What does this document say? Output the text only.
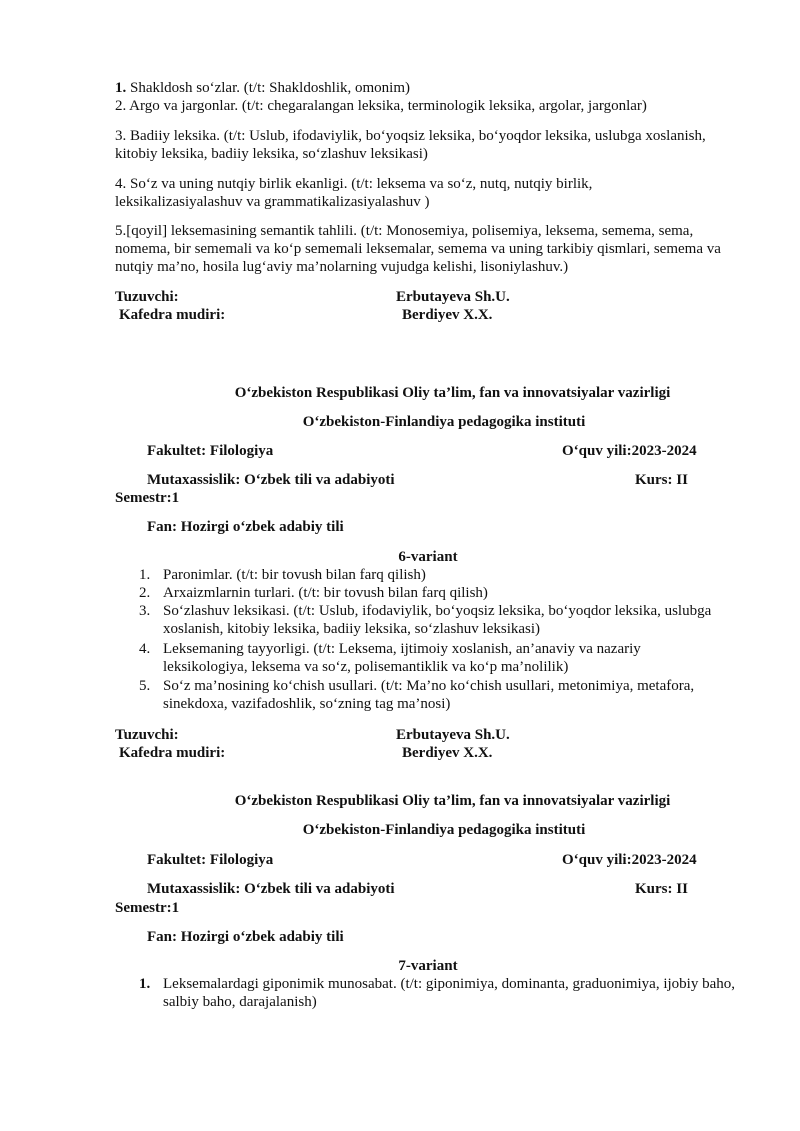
1. Shakldosh so‘zlar. (t/t: Shakldoshlik, omonim)
2. Argo va jargonlar. (t/t: chegaralangan leksika, terminologik leksika, argolar, jargonlar)
3. Badiiy leksika. (t/t: Uslub, ifodaviylik, bo‘yoqsiz leksika, bo‘yoqdor leksika, uslubga xoslanish, kitobiy leksika, badiiy leksika, so‘zlashuv leksikasi)
4. So‘z va uning nutqiy birlik ekanligi. (t/t: leksema va so‘z, nutq, nutqiy birlik, leksikalizasiyalashuv va grammatikalizasiyalashuv )
5.[qoyil] leksemasining semantik tahlili. (t/t: Monosemiya, polisemiya, leksema, semema, sema, nomema, bir sememali va ko‘p sememali leksemalar, semema va uning tarkibiy qismlari, semema va nutqiy ma’no, hosila lug‘aviy ma’nolarning vujudga kelishi, lisoniylashuv.)
Tuzuvchi:	Erbutayeva Sh.U.
Kafedra mudiri:	Berdiyev X.X.
O‘zbekiston Respublikasi Oliy ta’lim, fan va innovatsiyalar vazirligi
O‘zbekiston-Finlandiya pedagogika instituti
Fakultet: Filologiya	O‘quv yili:2023-2024
Mutaxassislik: O‘zbek tili va adabiyoti	Kurs: II
Semestr:1
Fan: Hozirgi o‘zbek adabiy tili
6-variant
1. Paronimlar. (t/t: bir tovush bilan farq qilish)
2. Arxaizmlarnin turlari. (t/t: bir tovush bilan farq qilish)
3. So‘zlashuv leksikasi. (t/t: Uslub, ifodaviylik, bo‘yoqsiz leksika, bo‘yoqdor leksika, uslubga xoslanish, kitobiy leksika, badiiy leksika, so‘zlashuv leksikasi)
4. Leksemaning tayyorligi. (t/t: Leksema, ijtimoiy xoslanish, an’anaviy va nazariy leksikologiya, leksema va so‘z, polisemantiklik va ko‘p ma’nolilik)
5. So‘z ma’nosining ko‘chish usullari. (t/t: Ma’no ko‘chish usullari, metonimiya, metafora, sinekdoxa, vazifadoshlik, so‘zning tag ma’nosi)
Tuzuvchi:	Erbutayeva Sh.U.
Kafedra mudiri:	Berdiyev X.X.
O‘zbekiston Respublikasi Oliy ta’lim, fan va innovatsiyalar vazirligi
O‘zbekiston-Finlandiya pedagogika instituti
Fakultet: Filologiya	O‘quv yili:2023-2024
Mutaxassislik: O‘zbek tili va adabiyoti	Kurs: II
Semestr:1
Fan: Hozirgi o‘zbek adabiy tili
7-variant
1. Leksemalardagi giponimik munosabat. (t/t: giponimiya, dominanta, graduonimiya, ijobiy baho, salbiy baho, darajalanish)
